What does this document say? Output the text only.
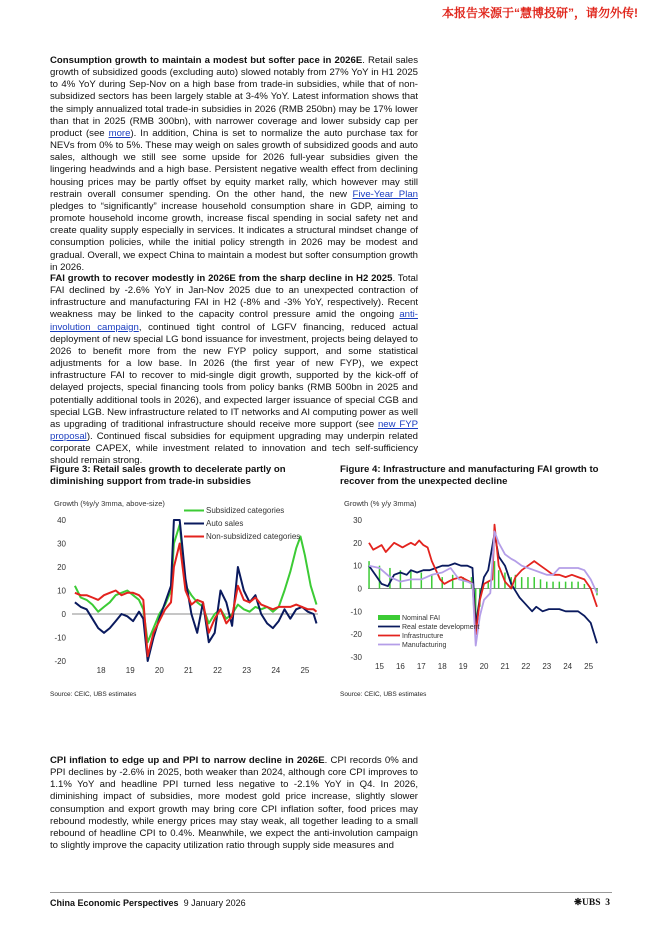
本报告来源于“慧博投研”，请勿外传!

Consumption growth to maintain a modest but softer pace in 2026E. Retail sales growth of subsidized goods (excluding auto) slowed notably from 27% YoY in H1 2025 to 4% YoY during Sep-Nov on a high base from trade-in subsidies, while that of non-subsidized sectors has been largely stable at 3-4% YoY. Latest information shows that the simply annualized total trade-in subsidies in 2026 (RMB 250bn) may be 17% lower than that in 2025 (RMB 300bn), with narrower coverage and lower subsidy cap per product (see more). In addition, China is set to normalize the auto purchase tax for NEVs from 0% to 5%. These may weigh on sales growth of subsidized goods and auto sales, although we still see some upside for 2026 full-year subsidies given the lingering headwinds and a high base. Persistent negative wealth effect from declining housing prices may be partly offset by equity market rally, which however may still restrain overall consumer spending. On the other hand, the new Five-Year Plan pledges to “significantly” increase household consumption share in GDP, aiming to promote household income growth, increase fiscal spending in social safety net and create quality supply especially in services. It indicates a structural mindset change of consumption policies, while the initial policy strength in 2026 may be modest and gradual. Overall, we expect China to maintain a modest but softer consumption growth in 2026.

FAI growth to recover modestly in 2026E from the sharp decline in H2 2025. Total FAI declined by -2.6% YoY in Jan-Nov 2025 due to an unexpected contraction of infrastructure and manufacturing FAI in H2 (-8% and -3% YoY, respectively). Recent weakness may be linked to the capacity control pressure amid the ongoing anti-involution campaign, continued tight control of LGFV financing, reduced actual deployment of new special LG bond issuance for investment, projects being delayed to 2026 to benefit more from the new FYP policy support, and some statistical adjustments for a low base. In 2026 (the first year of new FYP), we expect infrastructure FAI to recover to mid-single digit growth, supported by the kick-off of delayed projects, special financing tools from policy banks (RMB 500bn in 2025 and potentially additional tools in 2026), and expected larger issuance of special CGB and special LGB. New infrastructure related to IT networks and AI computing power as well as upgrading of traditional infrastructure should receive more support (see new FYP proposal). Continued fiscal subsidies for equipment upgrading may underpin related corporate CAPEX, while investment related to innovation and tech self-sufficiency should remain strong.

Figure 3: Retail sales growth to decelerate partly on diminishing support from trade-in subsidies
Figure 4: Infrastructure and manufacturing FAI growth to recover from the unexpected decline
Growth (%y/y 3mma, above-size)
-20
-10
0
10
20
30
40
18	19	20	21	22	23	24	25
Subsidized categories
Auto sales
Non-subsidized categories
Growth (% y/y 3mma)
-30
-20
-10
0
10
20
30
15 16 17 18 19 20 21 22 23 24 25
Nominal FAI
Real estate development
Infrastructure
Manufacturing
Source: CEIC, UBS estimates	Source: CEIC, UBS estimates

CPI inflation to edge up and PPI to narrow decline in 2026E. CPI records 0% and PPI declines by -2.6% in 2025, both weaker than 2024, although core CPI improves to 1.1% YoY and headline PPI turned less negative to -2.1% YoY in Q4. In 2026, diminishing impact of subsidies, more modest gold price increase, slightly slower consumption and export growth may bring core CPI inflation softer, food prices may rebound modestly, while energy prices may stay weak, all together leading to a small rebound of headline CPI to 0.4%. Meanwhile, we expect the anti-involution campaign to slightly improve the capacity utilization ratio through supply side measures and

China Economic Perspectives  9 January 2026	❋UBS  3
